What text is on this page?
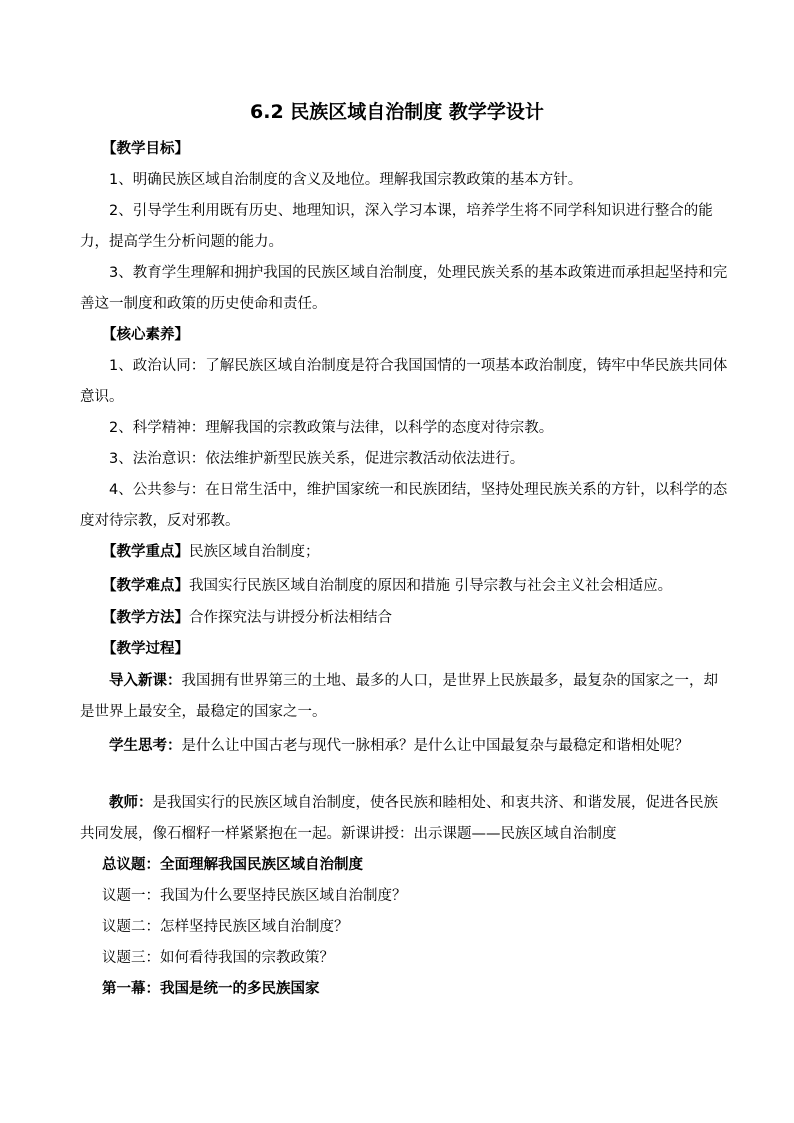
6.2 民族区域自治制度 教学学设计
【教学目标】
1、明确民族区域自治制度的含义及地位。理解我国宗教政策的基本方针。
2、引导学生利用既有历史、地理知识，深入学习本课，培养学生将不同学科知识进行整合的能力，提高学生分析问题的能力。
3、教育学生理解和拥护我国的民族区域自治制度，处理民族关系的基本政策进而承担起坚持和完善这一制度和政策的历史使命和责任。
【核心素养】
1、政治认同：了解民族区域自治制度是符合我国国情的一项基本政治制度，铸牢中华民族共同体意识。
2、科学精神：理解我国的宗教政策与法律，以科学的态度对待宗教。
3、法治意识：依法维护新型民族关系，促进宗教活动依法进行。
4、公共参与：在日常生活中，维护国家统一和民族团结，坚持处理民族关系的方针，以科学的态度对待宗教，反对邪教。
【教学重点】民族区域自治制度；
【教学难点】我国实行民族区域自治制度的原因和措施 引导宗教与社会主义社会相适应。
【教学方法】合作探究法与讲授分析法相结合
【教学过程】
导入新课：我国拥有世界第三的土地、最多的人口，是世界上民族最多，最复杂的国家之一，却是世界上最安全，最稳定的国家之一。
学生思考：是什么让中国古老与现代一脉相承？是什么让中国最复杂与最稳定和谐相处呢？
教师：是我国实行的民族区域自治制度，使各民族和睦相处、和衷共济、和谐发展，促进各民族共同发展，像石榴籽一样紧紧抱在一起。新课讲授：出示课题——民族区域自治制度
总议题：全面理解我国民族区域自治制度
议题一：我国为什么要坚持民族区域自治制度？
议题二：怎样坚持民族区域自治制度？
议题三：如何看待我国的宗教政策？
第一幕：我国是统一的多民族国家
